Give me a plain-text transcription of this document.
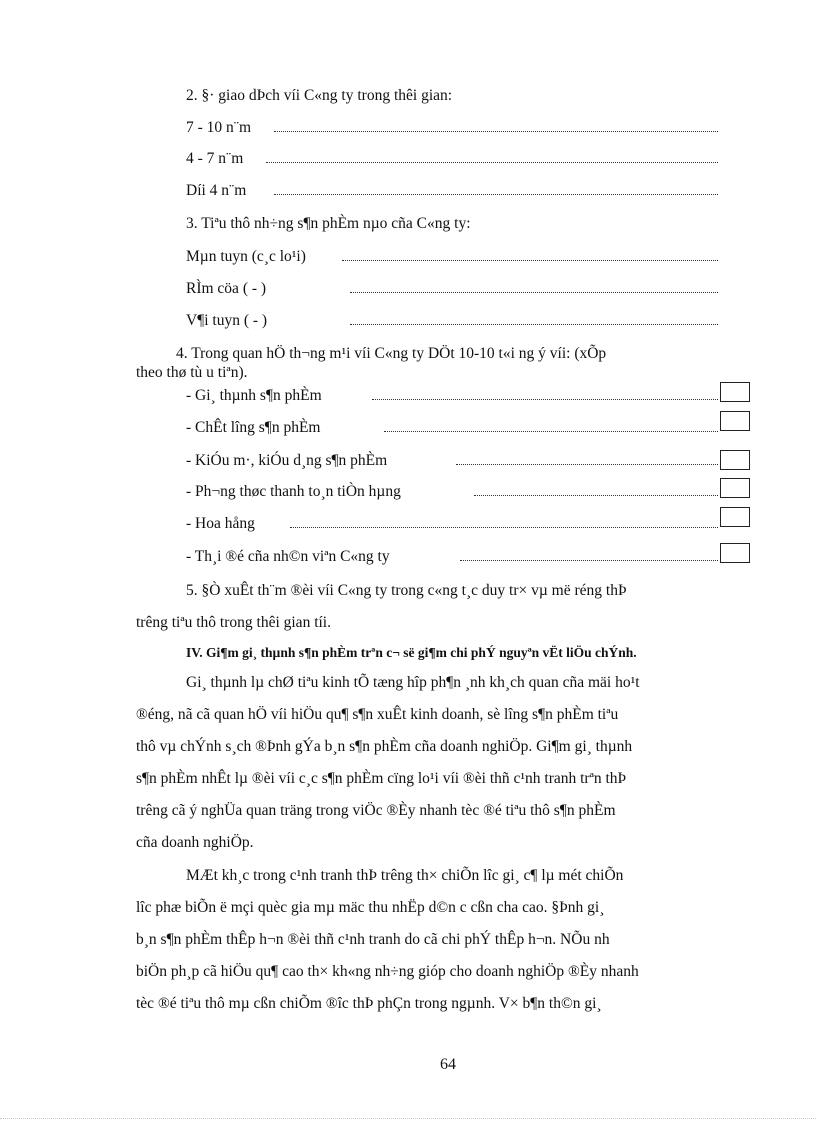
2. §· giao dÞch víi C«ng ty trong thêi gian:
7 - 10 n¨m
4 - 7 n¨m
Díi 4 n¨m
3. Tiªu thô nh÷ng s¶n phÈm nµo cña C«ng ty:
Mµn tuyn (c¸c lo¹i)
RÌm cöa ( - )
V¶i tuyn ( - )
4. Trong quan hÖ th¬ng m¹i víi C«ng ty DÖt 10-10 t«i ng ý víi: (xÕp
theo thø tù u tiªn).
- Gi¸ thµnh s¶n phÈm
- ChÊt lîng s¶n phÈm
- KiÓu m·, kiÓu d¸ng s¶n phÈm
- Ph¬ng thøc thanh to¸n tiÒn hµng
- Hoa hång
- Th¸i ®é cña nh©n viªn C«ng ty
5. §Ò xuÊt th¨m ®èi víi C«ng ty trong c«ng t¸c duy tr× vµ më réng thÞ
trêng tiªu thô trong thêi gian tíi.
IV. Gi¶m gi¸ thµnh s¶n phÈm trªn c¬ së gi¶m chi phÝ nguyªn vËt liÖu chÝnh.
Gi¸ thµnh lµ chØ tiªu kinh tÕ tæng hîp ph¶n ¸nh kh¸ch quan cña mäi ho¹t
®éng, nã cã quan hÖ víi hiÖu qu¶ s¶n xuÊt kinh doanh, sè lîng s¶n phÈm tiªu
thô vµ chÝnh s¸ch ®Þnh gÝa b¸n s¶n phÈm cña doanh nghiÖp. Gi¶m gi¸ thµnh
s¶n phÈm nhÊt lµ ®èi víi c¸c s¶n phÈm cïng lo¹i víi ®èi thñ c¹nh tranh trªn thÞ
trêng cã ý nghÜa quan träng trong viÖc ®Èy nhanh tèc ®é tiªu thô s¶n phÈm
cña doanh nghiÖp.
MÆt kh¸c trong c¹nh tranh thÞ trêng th× chiÕn lîc gi¸ c¶ lµ mét chiÕn
lîc phæ biÕn ë mçi quèc gia mµ mäc thu nhËp d©n c cßn cha cao. §Þnh gi¸
b¸n s¶n phÈm thÊp h¬n ®èi thñ c¹nh tranh do cã chi phÝ thÊp h¬n. NÕu nh
biÖn ph¸p cã hiÖu qu¶ cao th× kh«ng nh÷ng gióp cho doanh nghiÖp ®Èy nhanh
tèc ®é tiªu thô mµ cßn chiÕm ®îc thÞ phÇn trong ngµnh. V× b¶n th©n gi¸
64
